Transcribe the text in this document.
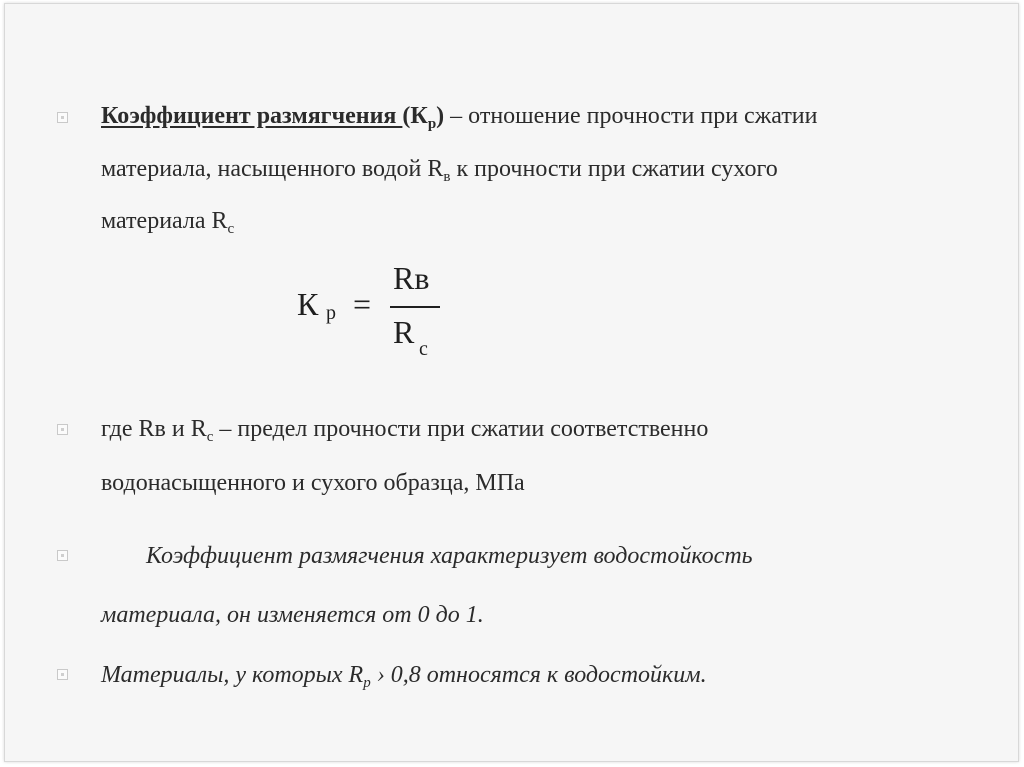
Коэффициент размягчения $(К_р)$ – отношение прочности при сжатии
материала, насыщенного водой $R_в$ к прочности при сжатии сухого
материала $R_с$
К р =
Rв
R с
где Rв и $R_с$ – предел прочности при сжатии соответственно
водонасыщенного и сухого образца, МПа
Коэффициент размягчения характеризует водостойкость
материала, он изменяется от 0 до 1.
Материалы, у которых $R_р$ › 0,8 относятся к водостойким.
